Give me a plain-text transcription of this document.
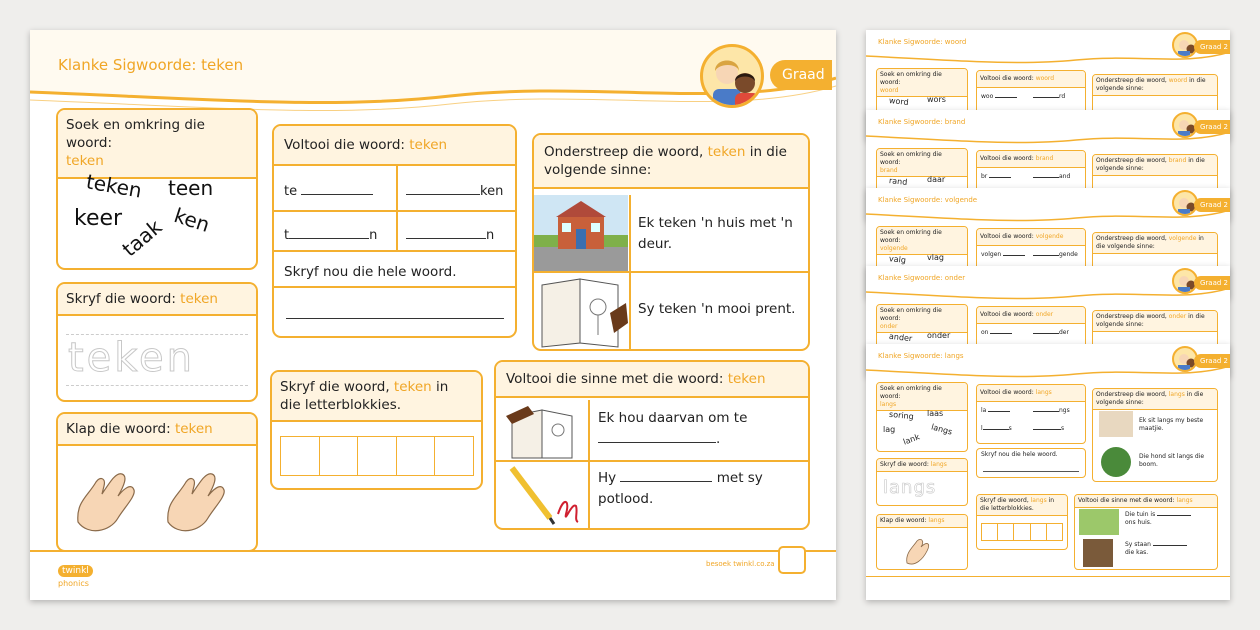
Klanke Sigwoorde: teken
Graad 2
Soek en omkring die woord:
teken
teken teen
keer ken
taak
Skryf die woord: teken
teken
Klap die woord: teken
Voltooi die woord: teken
te	ken
t	n	n
Skryf nou die hele woord.
Skryf die woord, teken in die letterblokkies.
Onderstreep die woord, teken in die volgende sinne:
Ek teken 'n huis met 'n deur.
Sy teken 'n mooi prent.
Voltooi die sinne met die woord: teken
Ek hou daarvan om te
.
Hy	met sy
potlood.
twinkl
phonics
besoek twinkl.co.za
Klanke Sigwoorde: woord
Graad 2
Soek en omkring die woord:
woord
word wors
Voltooi die woord: woord
woo	rd
Onderstreep die woord, woord in die volgende sinne:
Klanke Sigwoorde: brand
Graad 2
Soek en omkring die woord:
brand
rand daar
Voltooi die woord: brand
br	and
Onderstreep die woord, brand in die volgende sinne:
Klanke Sigwoorde: volgende
Graad 2
Soek en omkring die woord:
volgende
valg	vlag
Voltooi die woord: volgende
volgen	gende
Onderstreep die woord, volgende in die volgende sinne:
Klanke Sigwoorde: onder
Graad 2
Soek en omkring die woord:
onder
ander onder
Voltooi die woord: onder
on	der
Onderstreep die woord, onder in die volgende sinne:
Klanke Sigwoorde: langs
Graad 2
Soek en omkring die woord:
langs
soring laas
lag
lank
langs
Voltooi die woord: langs
la	ngs
l	s	s
Onderstreep die woord, langs in die volgende sinne:
Ek sit langs my beste maatjie.
Die hond sit langs die boom.
Skryf die woord: langs
langs
Klap die woord: langs
Skryf nou die hele woord.
Skryf die woord, langs in die letterblokkies.
Voltooi die sinne met die woord: langs
Die tuin is
ons huis.
Sy staan
die kas.
